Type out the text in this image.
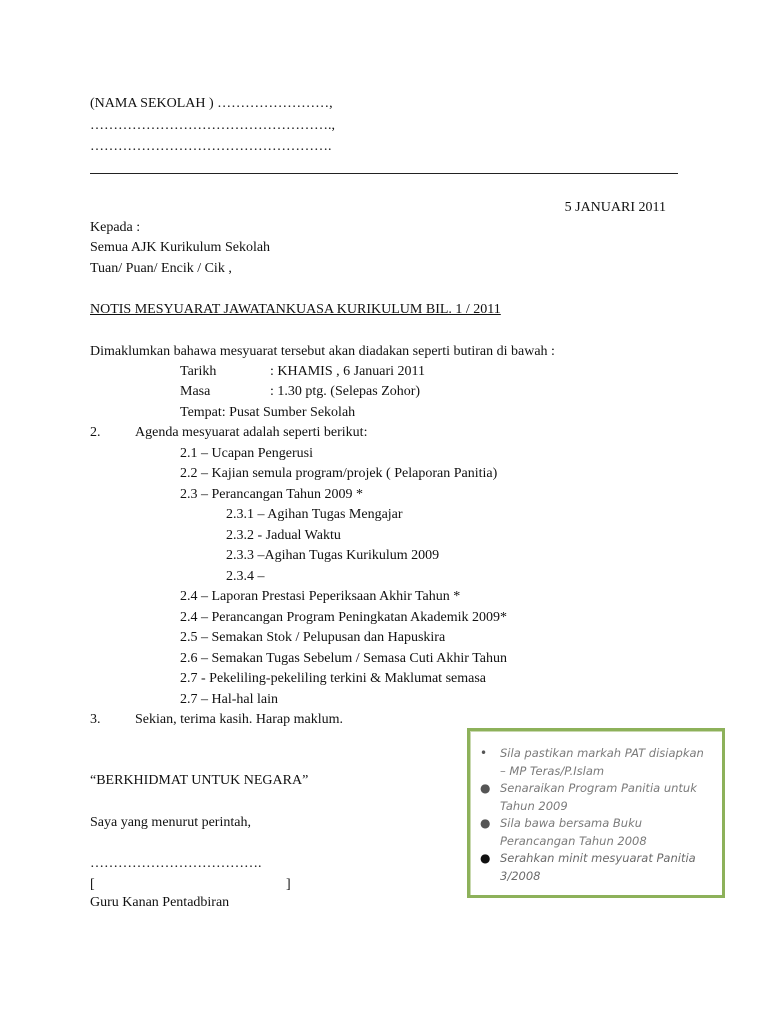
(NAMA SEKOLAH ) ……………………,
…………………………………………….,
…………………………………………….
5 JANUARI 2011
Kepada :
Semua AJK Kurikulum Sekolah
Tuan/ Puan/ Encik / Cik ,
NOTIS MESYUARAT JAWATANKUASA KURIKULUM BIL. 1 / 2011
Dimaklumkan bahawa mesyuarat tersebut akan diadakan seperti butiran di bawah :
Tarikh	: KHAMIS , 6 Januari 2011
Masa	: 1.30 ptg. (Selepas Zohor)
Tempat: Pusat Sumber Sekolah
2. Agenda mesyuarat adalah seperti berikut:
2.1 – Ucapan Pengerusi
2.2 – Kajian semula program/projek ( Pelaporan Panitia)
2.3 – Perancangan Tahun 2009 *
2.3.1 – Agihan Tugas Mengajar
2.3.2 - Jadual Waktu
2.3.3 –Agihan Tugas Kurikulum 2009
2.3.4 –
2.4 – Laporan Prestasi Peperiksaan Akhir Tahun *
2.4 – Perancangan Program Peningkatan Akademik 2009*
2.5 – Semakan Stok / Pelupusan dan Hapuskira
2.6 – Semakan Tugas Sebelum / Semasa Cuti Akhir Tahun
2.7 - Pekeliling-pekeliling terkini & Maklumat semasa
2.7 – Hal-hal lain
3. Sekian, terima kasih. Harap maklum.
“BERKHIDMAT UNTUK NEGARA”
Saya yang menurut perintah,
……………………………….
[	]
Guru Kanan Pentadbiran
• Sila pastikan markah PAT disiapkan – MP Teras/P.Islam
● Senaraikan Program Panitia untuk Tahun 2009
● Sila bawa bersama Buku Perancangan Tahun 2008
● Serahkan minit mesyuarat Panitia 3/2008
